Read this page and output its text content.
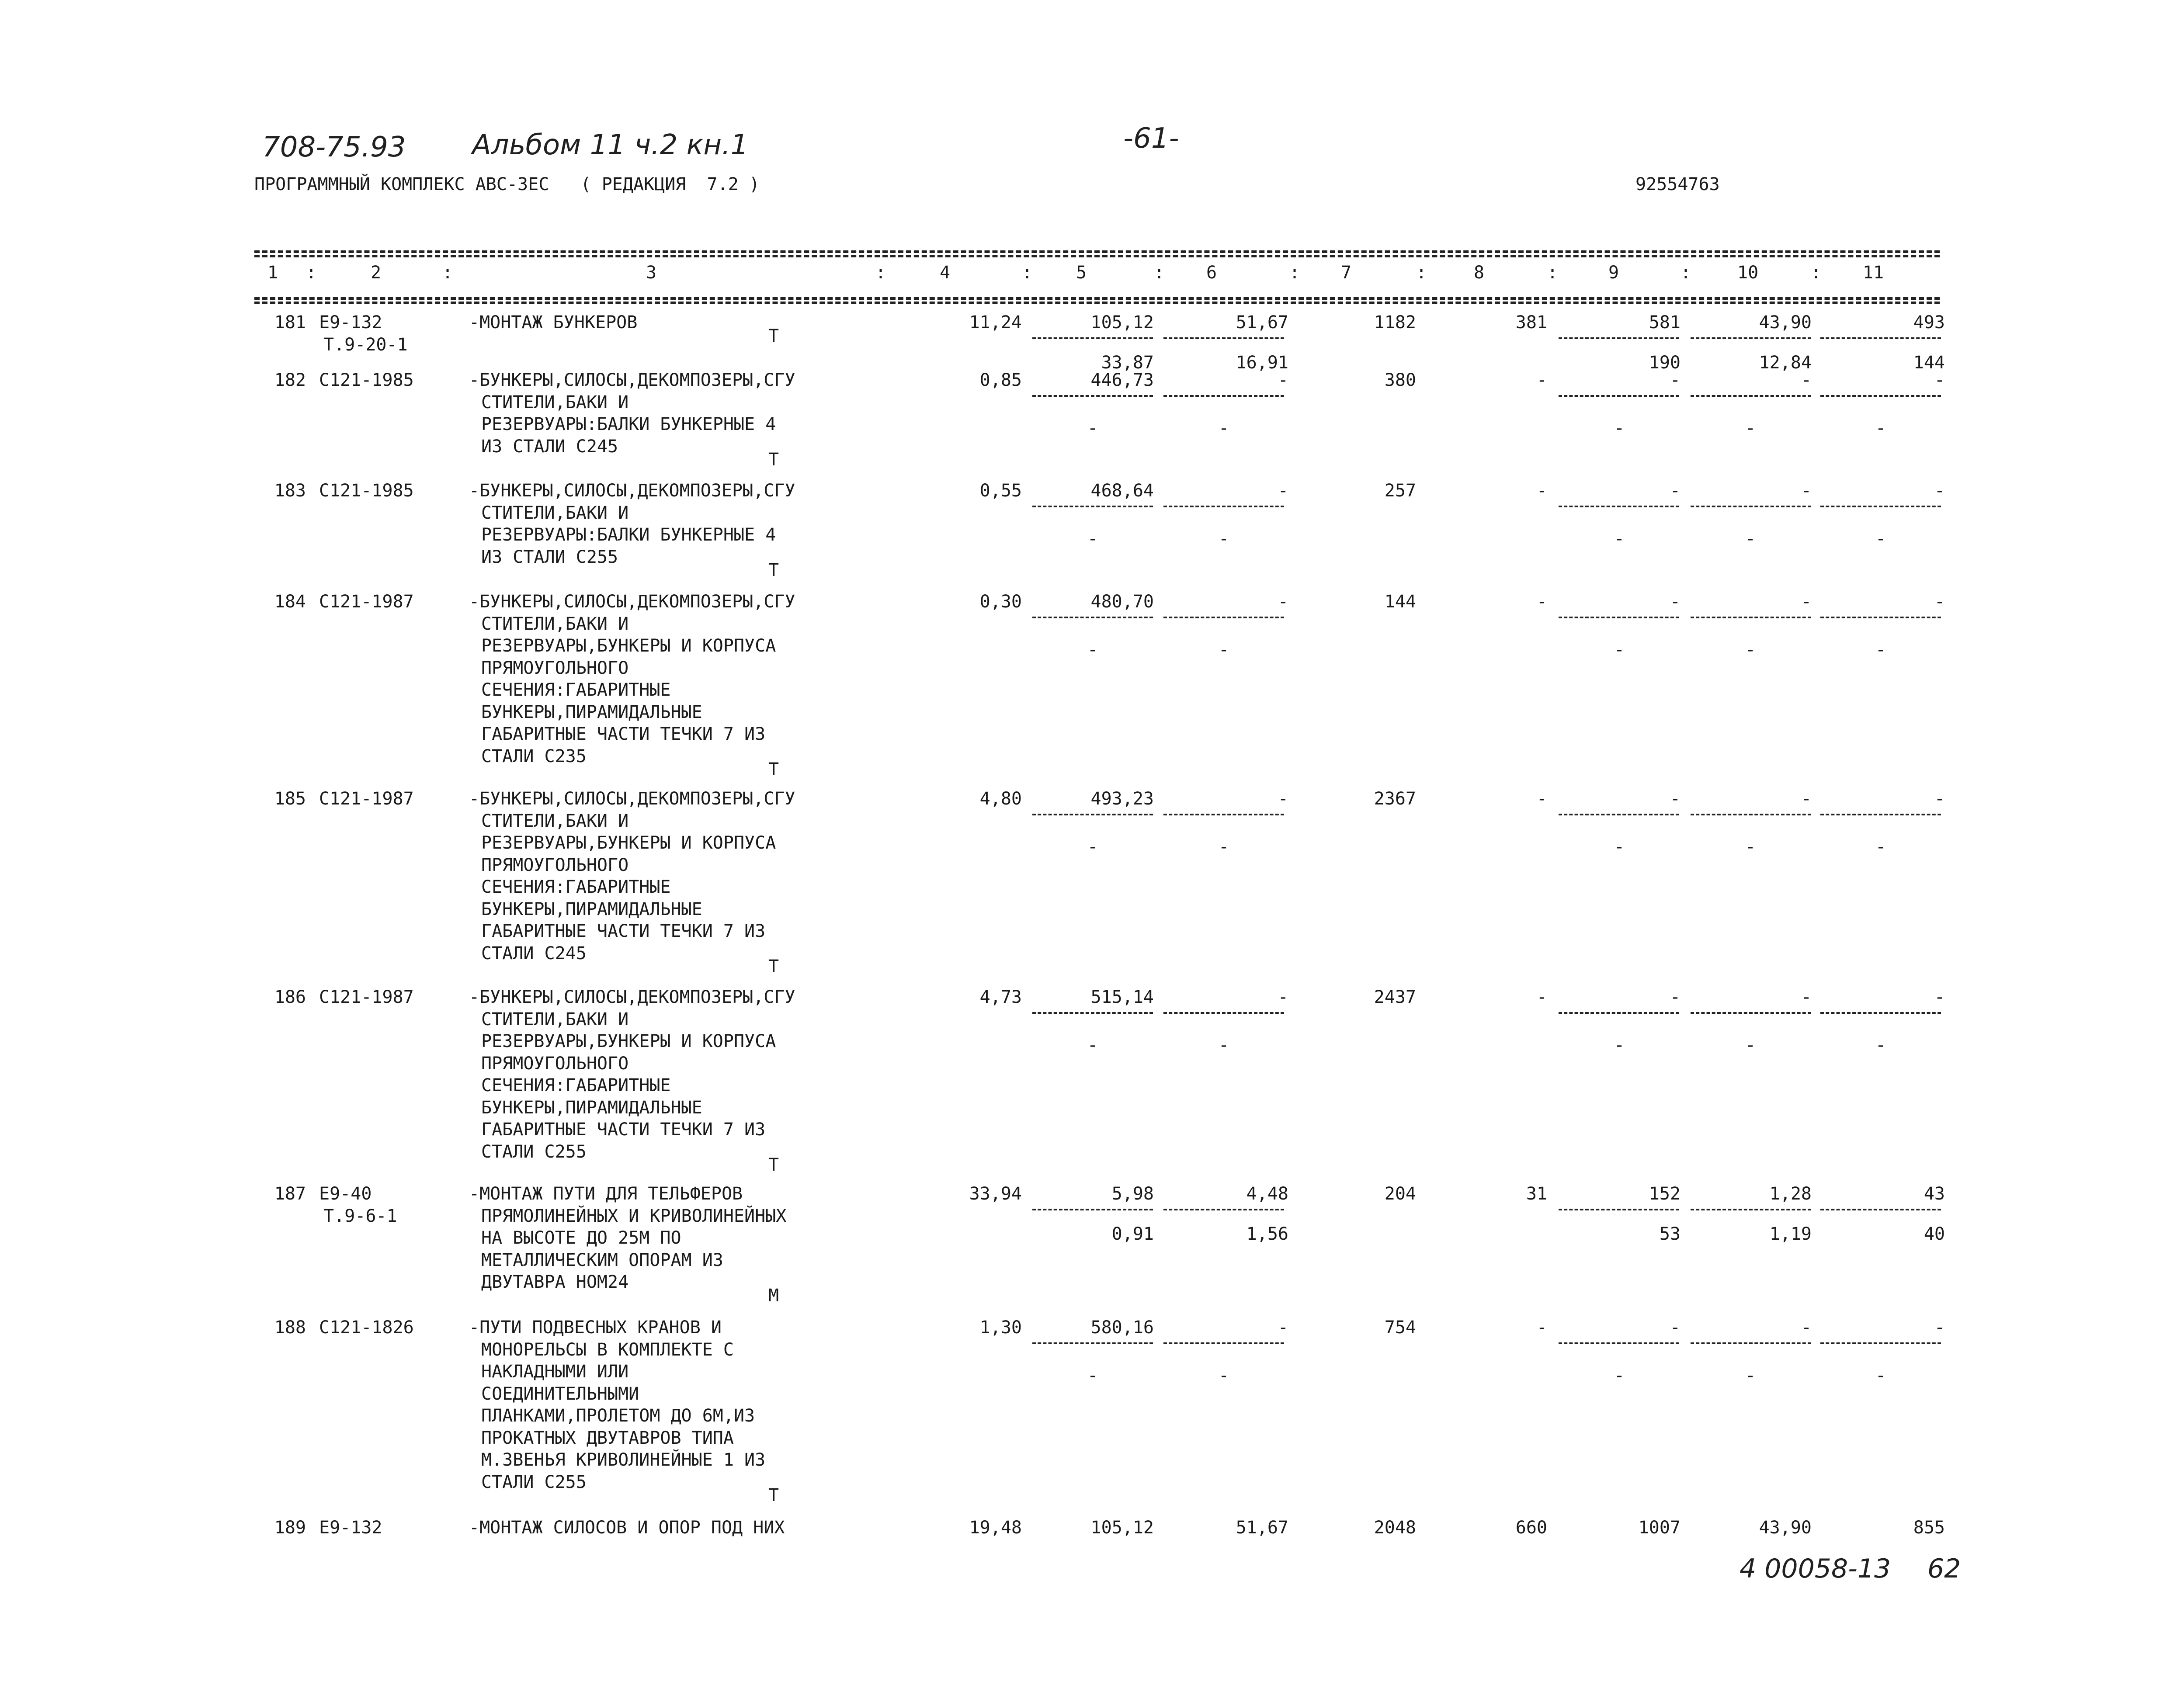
708-75.93 Альбом 11 ч.2 кн.1	-61-
ПРОГРАММНЫЙ КОМПЛЕКС АВС-3ЕС   ( РЕДАКЦИЯ  7.2 )	92554763
1	2	3	4	5	6	7	8	9	10	11
:	:	:	:	:	:	:	:	:	:
181 Е9-132
Т.9-20-1
-МОНТАЖ БУНКЕРОВ
Т
11,24	105,12	51,67	1182	381	581	43,90	493
33,87	16,91	190	12,84	144
182 С121-1985	-БУНКЕРЫ,СИЛОСЫ,ДЕКОМПОЗЕРЫ,СГУ
СТИТЕЛИ,БАКИ И
РЕЗЕРВУАРЫ:БАЛКИ БУНКЕРНЫЕ 4
ИЗ СТАЛИ С245
Т
0,85	446,73	-	380	-	-	-	-
-	-	-	-	-
183 С121-1985	-БУНКЕРЫ,СИЛОСЫ,ДЕКОМПОЗЕРЫ,СГУ
СТИТЕЛИ,БАКИ И
РЕЗЕРВУАРЫ:БАЛКИ БУНКЕРНЫЕ 4
ИЗ СТАЛИ С255
Т
0,55	468,64	-	257	-	-	-	-
-	-	-	-	-
184 С121-1987	-БУНКЕРЫ,СИЛОСЫ,ДЕКОМПОЗЕРЫ,СГУ
СТИТЕЛИ,БАКИ И
РЕЗЕРВУАРЫ,БУНКЕРЫ И КОРПУСА
ПРЯМОУГОЛЬНОГО
СЕЧЕНИЯ:ГАБАРИТНЫЕ
БУНКЕРЫ,ПИРАМИДАЛЬНЫЕ
ГАБАРИТНЫЕ ЧАСТИ ТЕЧКИ 7 ИЗ
СТАЛИ С235
Т
0,30	480,70	-	144	-	-	-	-
-	-	-	-	-
185 С121-1987	-БУНКЕРЫ,СИЛОСЫ,ДЕКОМПОЗЕРЫ,СГУ
СТИТЕЛИ,БАКИ И
РЕЗЕРВУАРЫ,БУНКЕРЫ И КОРПУСА
ПРЯМОУГОЛЬНОГО
СЕЧЕНИЯ:ГАБАРИТНЫЕ
БУНКЕРЫ,ПИРАМИДАЛЬНЫЕ
ГАБАРИТНЫЕ ЧАСТИ ТЕЧКИ 7 ИЗ
СТАЛИ С245
Т
4,80	493,23	-	2367	-	-	-	-
-	-	-	-	-
186 С121-1987	-БУНКЕРЫ,СИЛОСЫ,ДЕКОМПОЗЕРЫ,СГУ
СТИТЕЛИ,БАКИ И
РЕЗЕРВУАРЫ,БУНКЕРЫ И КОРПУСА
ПРЯМОУГОЛЬНОГО
СЕЧЕНИЯ:ГАБАРИТНЫЕ
БУНКЕРЫ,ПИРАМИДАЛЬНЫЕ
ГАБАРИТНЫЕ ЧАСТИ ТЕЧКИ 7 ИЗ
СТАЛИ С255
Т
4,73	515,14	-	2437	-	-	-	-
-	-	-	-	-
187 Е9-40
Т.9-6-1
-МОНТАЖ ПУТИ ДЛЯ ТЕЛЬФЕРОВ
ПРЯМОЛИНЕЙНЫХ И КРИВОЛИНЕЙНЫХ
НА ВЫСОТЕ ДО 25М ПО
МЕТАЛЛИЧЕСКИМ ОПОРАМ ИЗ
ДВУТАВРА НОМ24
М
33,94	5,98	4,48	204	31	152	1,28	43
0,91	1,56	53	1,19	40
188 С121-1826	-ПУТИ ПОДВЕСНЫХ КРАНОВ И
МОНОРЕЛЬСЫ В КОМПЛЕКТЕ С
НАКЛАДНЫМИ ИЛИ
СОЕДИНИТЕЛЬНЫМИ
ПЛАНКАМИ,ПРОЛЕТОМ ДО 6М,ИЗ
ПРОКАТНЫХ ДВУТАВРОВ ТИПА
М.ЗВЕНЬЯ КРИВОЛИНЕЙНЫЕ 1 ИЗ
СТАЛИ С255
Т
1,30	580,16	-	754	-	-	-	-
-	-	-	-	-
189 Е9-132	-МОНТАЖ СИЛОСОВ И ОПОР ПОД НИХ	19,48	105,12	51,67	2048	660	1007	43,90	855
4 00058-13 62
